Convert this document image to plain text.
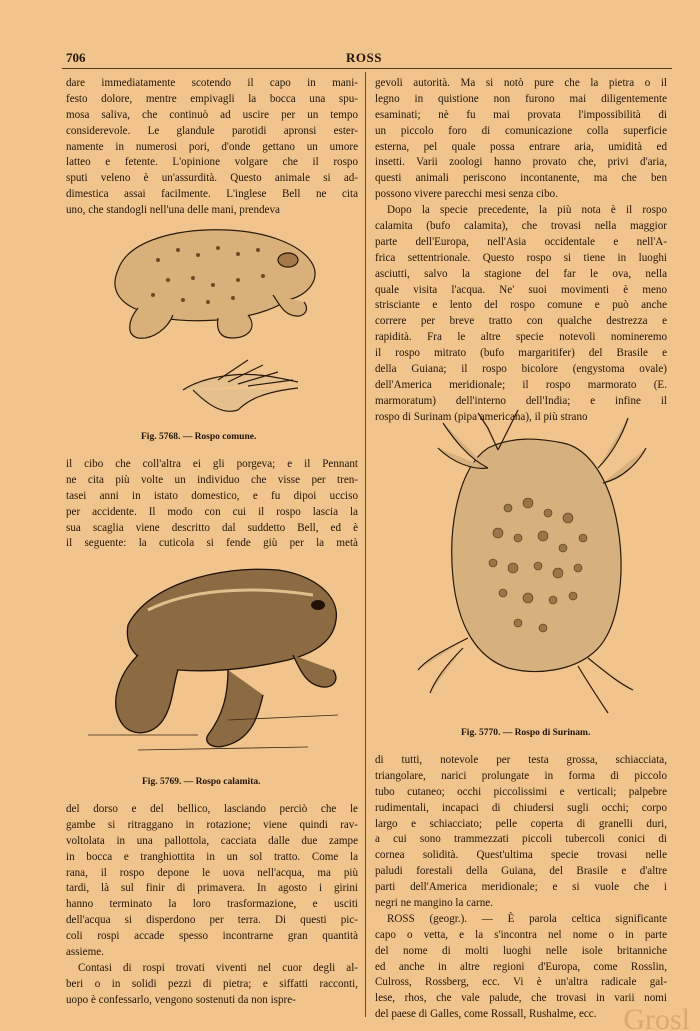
706	ROSS
dare immediatamente scotendo il capo in mani-
festo dolore, mentre empivagli la bocca una spu-
mosa saliva, che continuò ad uscire per un tempo
considerevole. Le glandule parotidi apronsi ester-
namente in numerosi pori, d'onde gettano un umore
latteo e fetente. L'opinione volgare che il rospo
sputi veleno è un'assurdità. Questo animale si ad-
dimestica assai facilmente. L'inglese Bell ne cita
uno, che standogli nell'una delle mani, prendeva
Fig. 5768. — Rospo comune.
il cibo che coll'altra ei gli porgeva; e il Pennant
ne cita più volte un individuo che visse per tren-
tasei anni in istato domestico, e fu dipoi ucciso
per accidente. Il modo con cui il rospo lascia la
sua scaglia viene descritto dal suddetto Bell, ed è
il seguente: la cuticola si fende giù per la metà
Fig. 5769. — Rospo calamita.
del dorso e del bellico, lasciando perciò che le
gambe si ritraggano in rotazione; viene quindi rav-
voltolata in una pallottola, cacciata dalle due zampe
in bocca e tranghiottita in un sol tratto. Come la
rana, il rospo depone le uova nell'acqua, ma più
tardi, là sul finir di primavera. In agosto i girini
hanno terminato la loro trasformazione, e usciti
dell'acqua si disperdono per terra. Di questi pic-
coli rospi accade spesso incontrarne gran quantità
assieme.
Contasi di rospi trovati viventi nel cuor degli al-
beri o in solidi pezzi di pietra; e siffatti racconti,
uopo è confessarlo, vengono sostenuti da non ispre-
gevoli autorità. Ma si notò pure che la pietra o il
legno in quistione non furono mai diligentemente
esaminati; nè fu mai provata l'impossibilità di
un piccolo foro di comunicazione colla superficie
esterna, pel quale possa entrare aria, umidità ed
insetti. Varii zoologi hanno provato che, privi d'aria,
questi animali periscono incontanente, ma che ben
possono vivere parecchi mesi senza cibo.
Dopo la specie precedente, la più nota è il rospo
calamita (bufo calamita), che trovasi nella maggior
parte dell'Europa, nell'Asia occidentale e nell'A-
frica settentrionale. Questo rospo si tiene in luoghi
asciutti, salvo la stagione del far le ova, nella
quale visita l'acqua. Ne' suoi movimenti è meno
strisciante e lento del rospo comune e può anche
correre per breve tratto con qualche destrezza e
rapidità. Fra le altre specie notevoli nomineremo
il rospo mitrato (bufo margaritifer) del Brasile e
della Guiana; il rospo bicolore (engystoma ovale)
dell'America meridionale; il rospo marmorato (E.
marmoratum) dell'interno dell'India; e infine il
rospo di Surinam (pipa americana), il più strano
Fig. 5770. — Rospo di Surinam.
di tutti, notevole per testa grossa, schiacciata,
triangolare, narici prolungate in forma di piccolo
tubo cutaneo; occhi piccolissimi e verticali; palpebre
rudimentali, incapaci di chiudersi sugli occhi; corpo
largo e schiacciato; pelle coperta di granelli duri,
a cui sono trammezzati piccoli tubercoli conici di
cornea solidità. Quest'ultima specie trovasi nelle
paludi forestali della Guiana, del Brasile e d'altre
parti dell'America meridionale; e si vuole che i
negri ne mangino la carne.
ROSS (geogr.). — È parola celtica significante
capo o vetta, e la s'incontra nel nome o in parte
del nome di molti luoghi nelle isole britanniche
ed anche in altre regioni d'Europa, come Rosslin,
Culross, Rossberg, ecc. Vi è un'altra radicale gal-
lese, rhos, che vale palude, che trovasi in varii nomi
del paese di Galles, come Rossall, Rushalme, ecc. Grosl
